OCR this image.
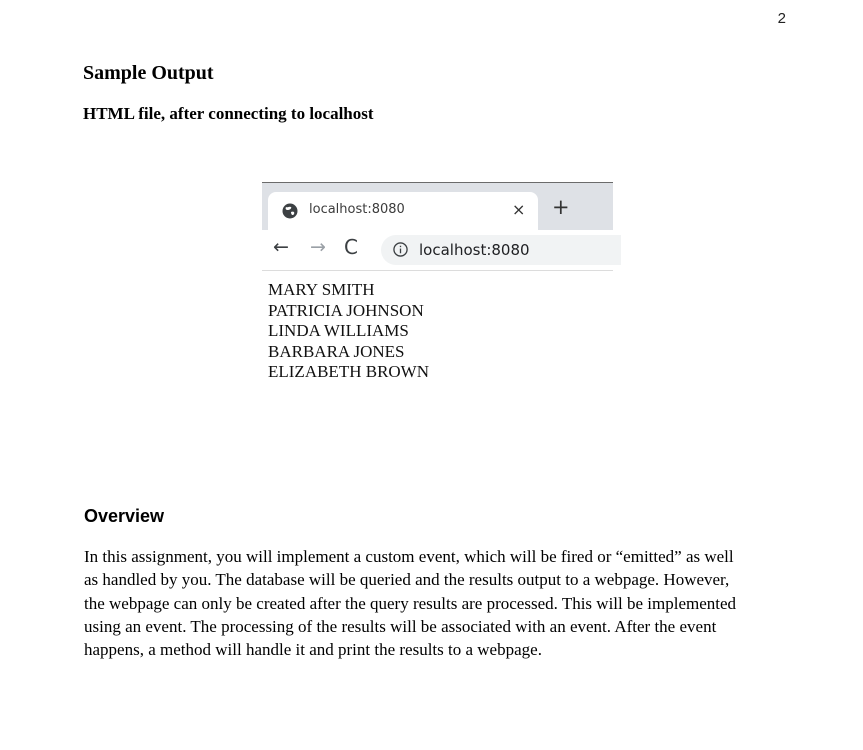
2
Sample Output
HTML file, after connecting to localhost
localhost:8080	× +
← → C	localhost:8080
MARY SMITH
PATRICIA JOHNSON
LINDA WILLIAMS
BARBARA JONES
ELIZABETH BROWN
Overview

In this assignment, you will implement a custom event, which will be fired or “emitted” as well
as handled by you. The database will be queried and the results output to a webpage. However,
the webpage can only be created after the query results are processed. This will be implemented
using an event. The processing of the results will be associated with an event. After the event
happens, a method will handle it and print the results to a webpage.
